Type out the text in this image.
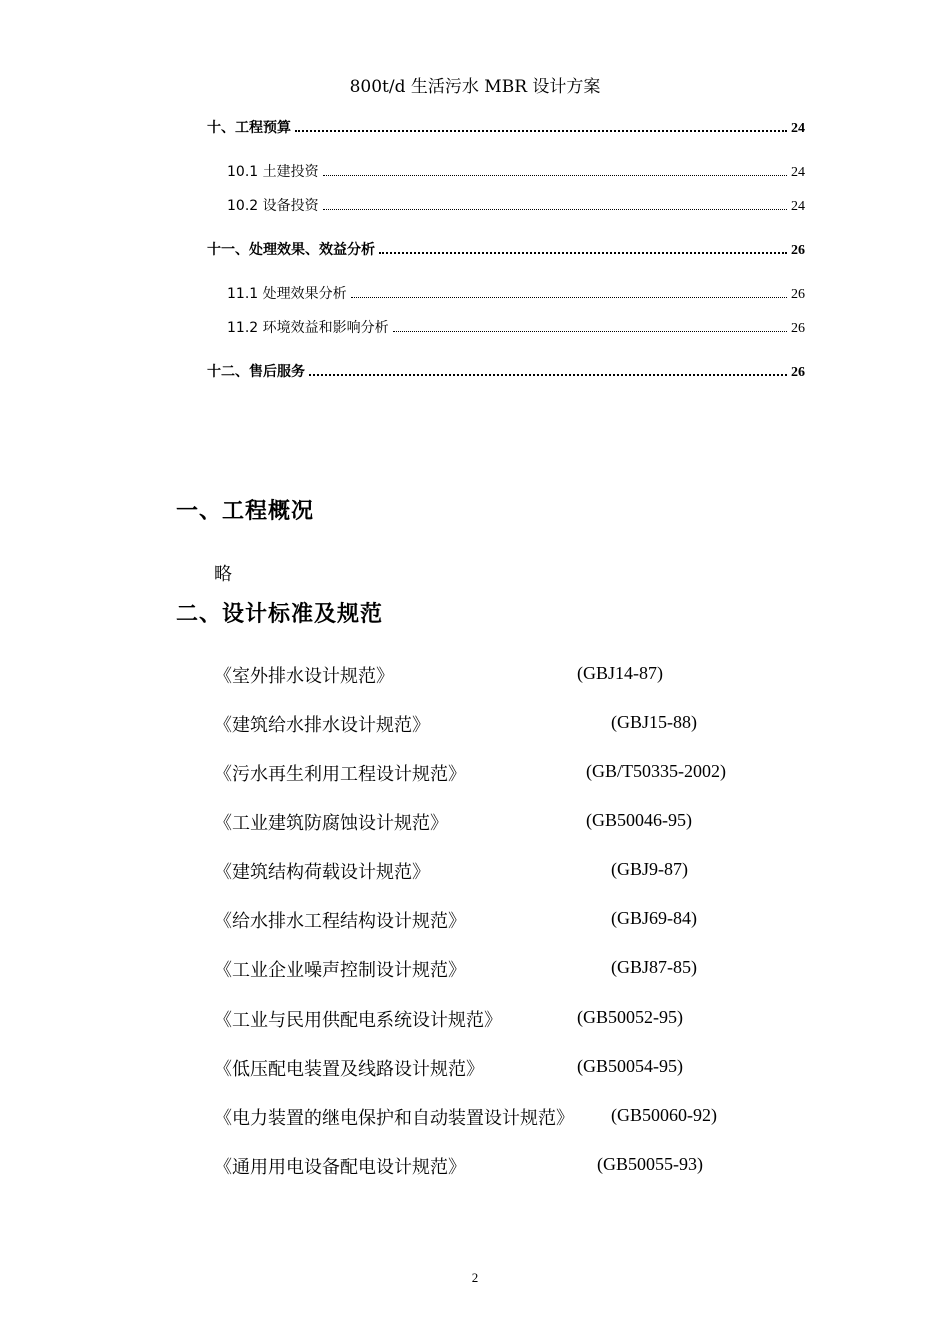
800t/d 生活污水 MBR 设计方案
十、工程预算	24
10.1 土建投资	24
10.2 设备投资	24
十一、处理效果、效益分析	26
11.1 处理效果分析	26
11.2 环境效益和影响分析	26
十二、售后服务	26
一、工程概况
略
二、设计标准及规范
《室外排水设计规范》	(GBJ14-87)
《建筑给水排水设计规范》	(GBJ15-88)
《污水再生利用工程设计规范》	(GB/T50335-2002)
《工业建筑防腐蚀设计规范》	(GB50046-95)
《建筑结构荷载设计规范》	(GBJ9-87)
《给水排水工程结构设计规范》	(GBJ69-84)
《工业企业噪声控制设计规范》	(GBJ87-85)
《工业与民用供配电系统设计规范》	(GB50052-95)
《低压配电装置及线路设计规范》	(GB50054-95)
《电力装置的继电保护和自动装置设计规范》 (GB50060-92)
《通用用电设备配电设计规范》	(GB50055-93)
2
